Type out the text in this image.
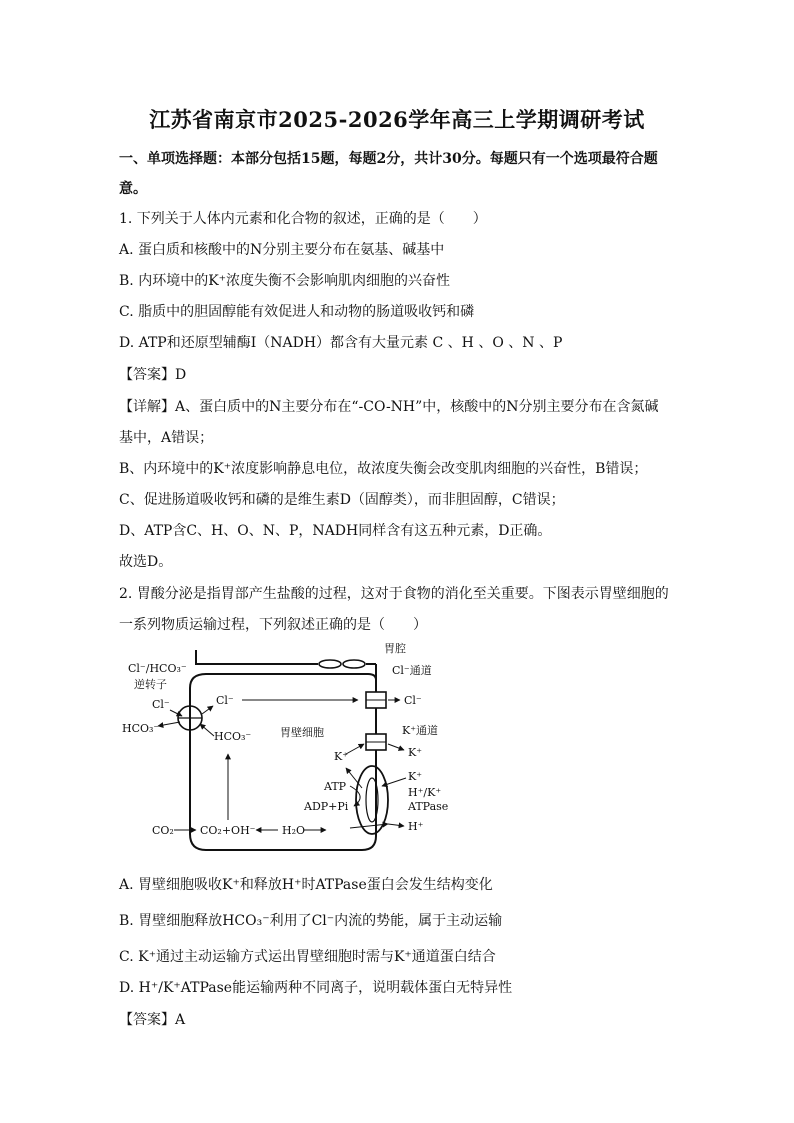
江苏省南京市2025-2026学年高三上学期调研考试
一、单项选择题：本部分包括15题，每题2分，共计30分。每题只有一个选项最符合题
意。
1. 下列关于人体内元素和化合物的叙述，正确的是（　　）
A. 蛋白质和核酸中的N分别主要分布在氨基、碱基中
B. 内环境中的K⁺浓度失衡不会影响肌肉细胞的兴奋性
C. 脂质中的胆固醇能有效促进人和动物的肠道吸收钙和磷
D. ATP和还原型辅酶Ⅰ（NADH）都含有大量元素 C 、H 、O 、N 、P
【答案】D
【详解】A、蛋白质中的N主要分布在“-CO-NH”中，核酸中的N分别主要分布在含氮碱
基中，A错误；
B、内环境中的K⁺浓度影响静息电位，故浓度失衡会改变肌肉细胞的兴奋性，B错误；
C、促进肠道吸收钙和磷的是维生素D（固醇类），而非胆固醇，C错误；
D、ATP含C、H、O、N、P，NADH同样含有这五种元素，D正确。
故选D。
2. 胃酸分泌是指胃部产生盐酸的过程，这对于食物的消化至关重要。下图表示胃壁细胞的
一系列物质运输过程，下列叙述正确的是（　　）
胃腔
Cl⁻/HCO₃⁻
逆转子
胃壁细胞
Cl⁻	Cl⁻
HCO₃⁻
HCO₃⁻
Cl⁻通道
Cl⁻
K⁺通道
K⁺	K⁺
K⁺
H⁺/K⁺
ATPase
ATP
ADP+Pi
H⁺
CO₂ CO₂+OH⁻ H₂O
A. 胃壁细胞吸收K⁺和释放H⁺时ATPase蛋白会发生结构变化
B. 胃壁细胞释放HCO₃⁻利用了Cl⁻内流的势能，属于主动运输
C. K⁺通过主动运输方式运出胃壁细胞时需与K⁺通道蛋白结合
D. H⁺/K⁺ATPase能运输两种不同离子，说明载体蛋白无特异性
【答案】A
